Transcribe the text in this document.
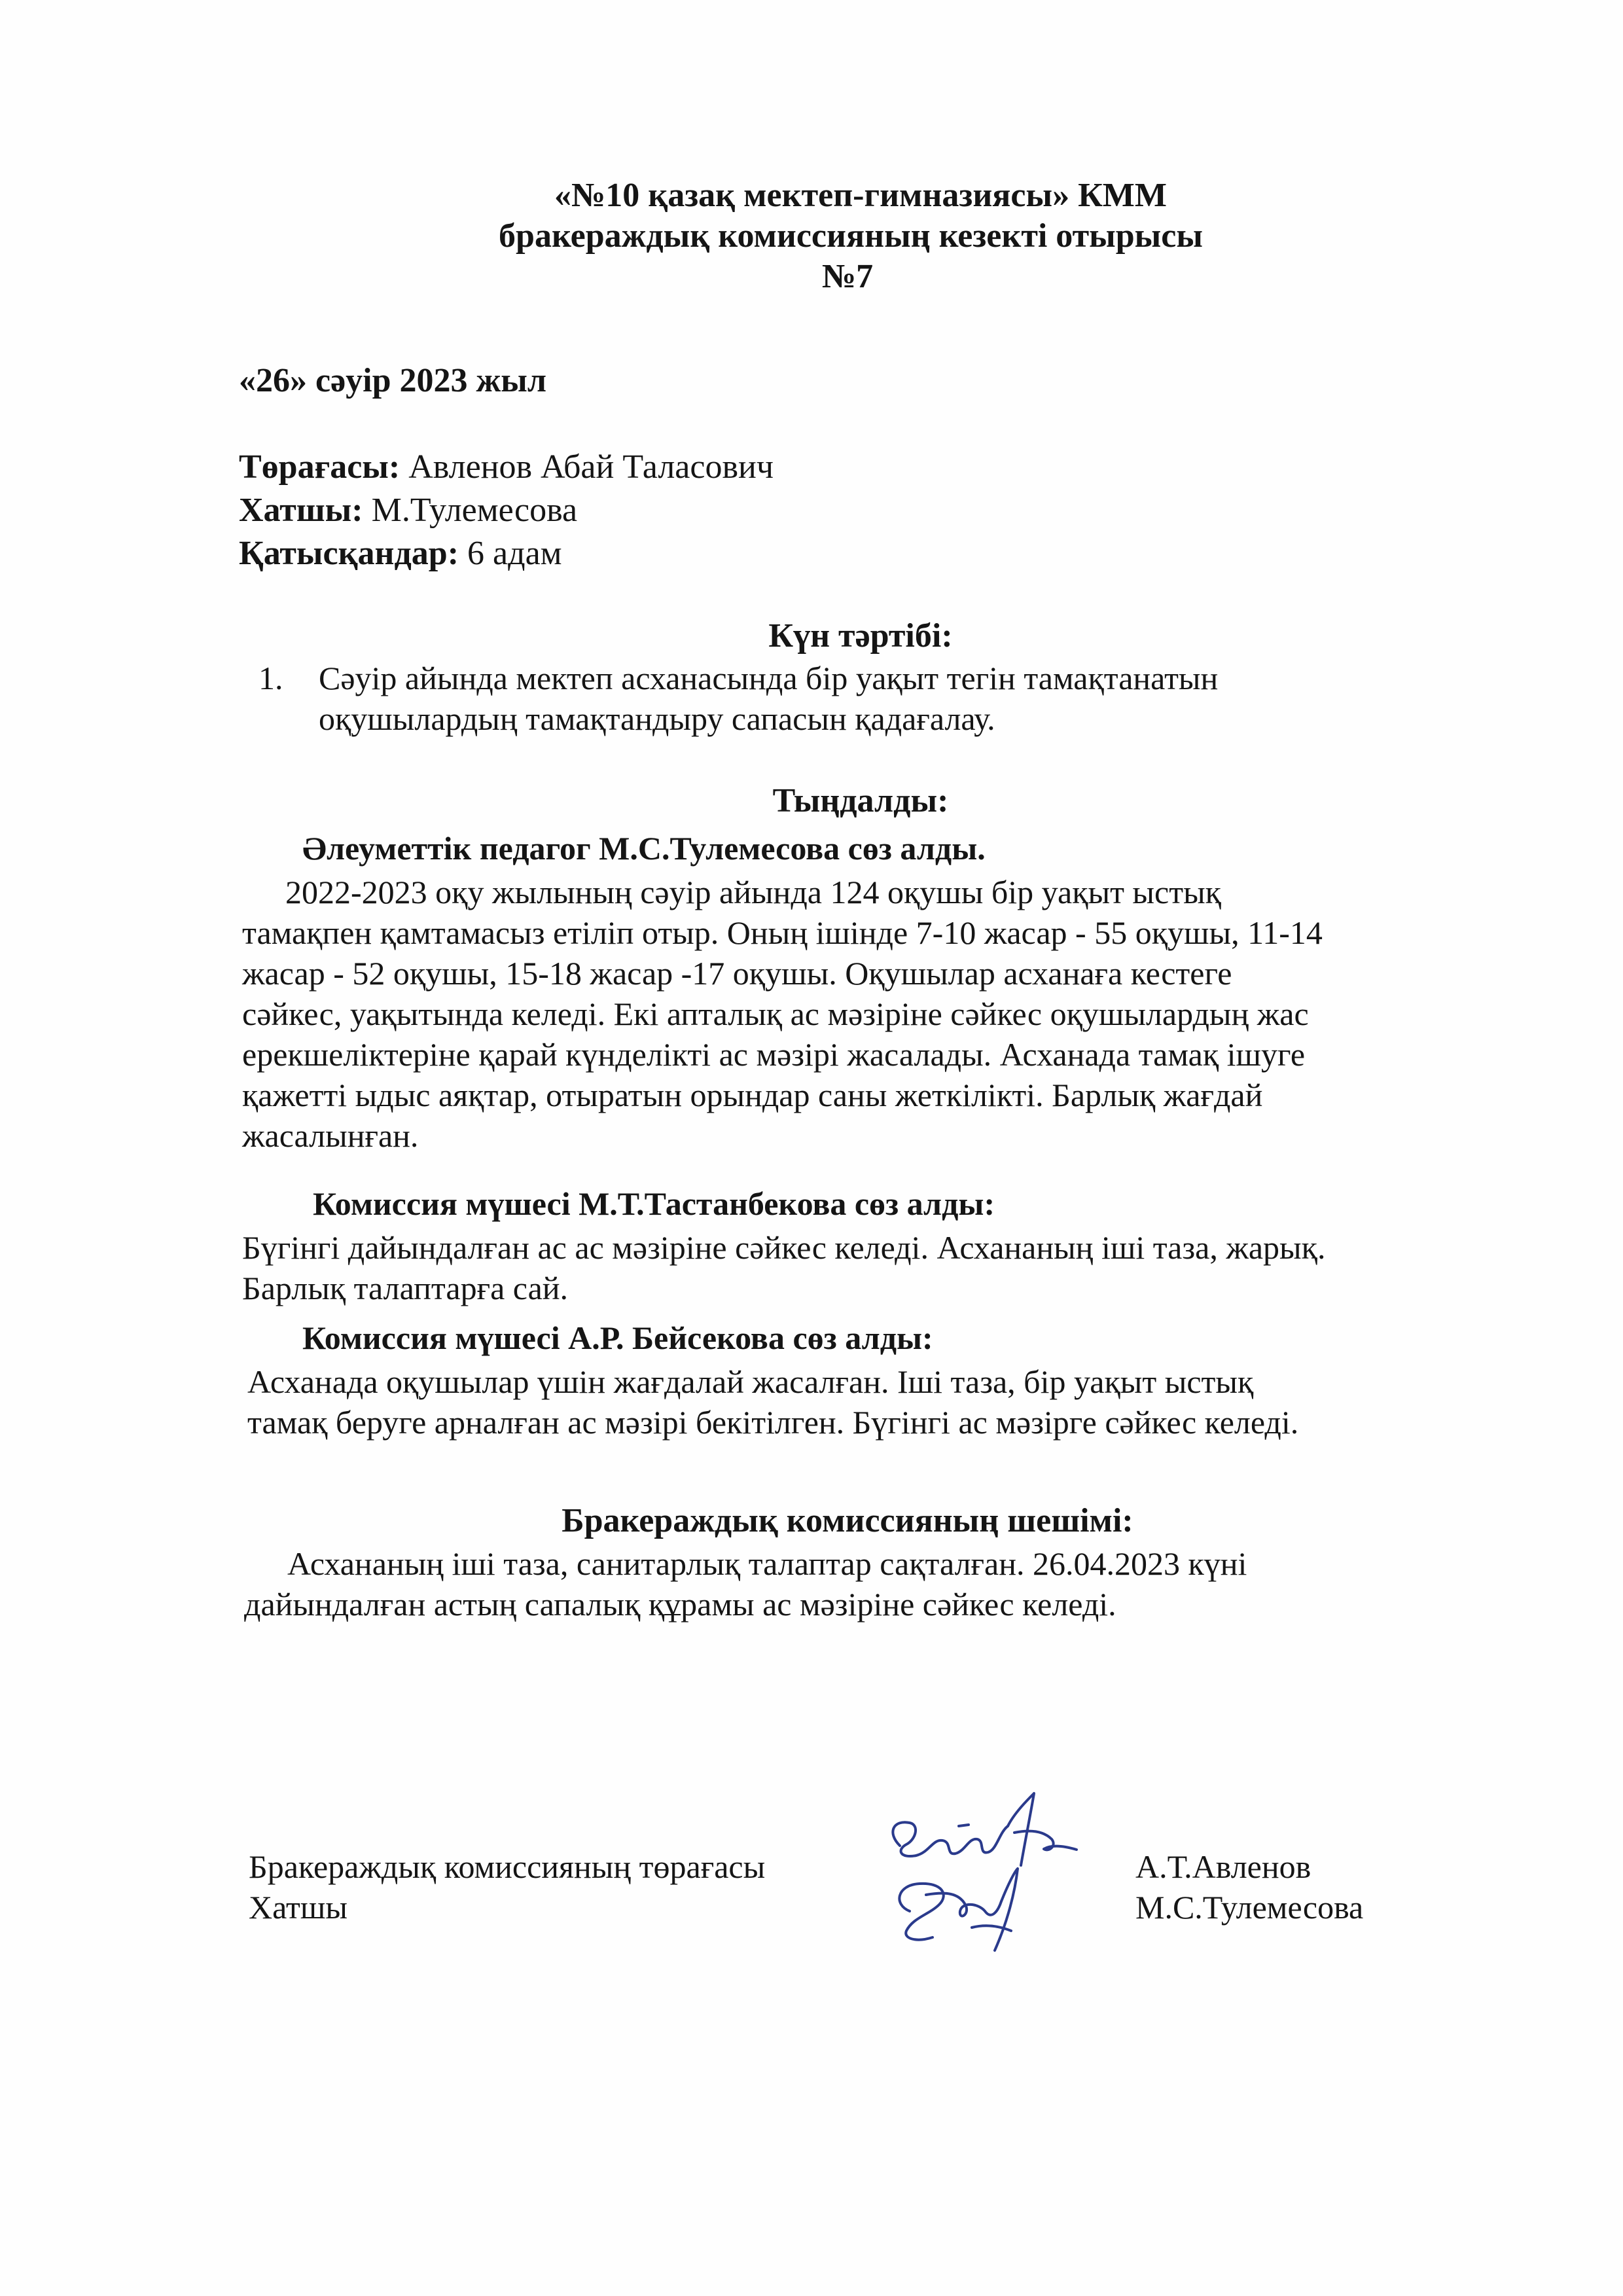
«№10 қазақ мектеп-гимназиясы» КММ
бракераждық комиссияның кезекті отырысы
№7
«26» сәуір 2023 жыл
Төрағасы: Авленов Абай Таласович
Хатшы: М.Тулемесова
Қатысқандар: 6 адам
Күн тәртібі:
1. Сәуір айында мектеп асханасында бір уақыт тегін тамақтанатын
оқушылардың тамақтандыру сапасын қадағалау.
Тыңдалды:
Әлеуметтік педагог М.С.Тулемесова сөз алды.
2022-2023 оқу жылының сәуір айында 124 оқушы бір уақыт ыстық
тамақпен қамтамасыз етіліп отыр. Оның ішінде 7-10 жасар - 55 оқушы, 11-14
жасар - 52 оқушы, 15-18 жасар -17 оқушы. Оқушылар асханаға кестеге
сәйкес, уақытында келеді. Екі апталық ас мәзіріне сәйкес оқушылардың жас
ерекшеліктеріне қарай күнделікті ас мәзірі жасалады. Асханада тамақ ішуге
қажетті ыдыс аяқтар, отыратын орындар саны жеткілікті. Барлық жағдай
жасалынған.
Комиссия мүшесі М.Т.Тастанбекова сөз алды:
Бүгінгі дайындалған ас ас мәзіріне сәйкес келеді. Асхананың іші таза, жарық.
Барлық талаптарға сай.
Комиссия мүшесі А.Р. Бейсекова сөз алды:
Асханада оқушылар үшін жағдалай жасалған. Іші таза, бір уақыт ыстық
тамақ беруге арналған ас мәзірі бекітілген. Бүгінгі ас мәзірге сәйкес келеді.
Бракераждық комиссияның шешімі:
Асхананың іші таза, санитарлық талаптар сақталған. 26.04.2023 күні
дайындалған астың сапалық құрамы ас мәзіріне сәйкес келеді.
Бракераждық комиссияның төрағасы	А.Т.Авленов
Хатшы	М.С.Тулемесова
